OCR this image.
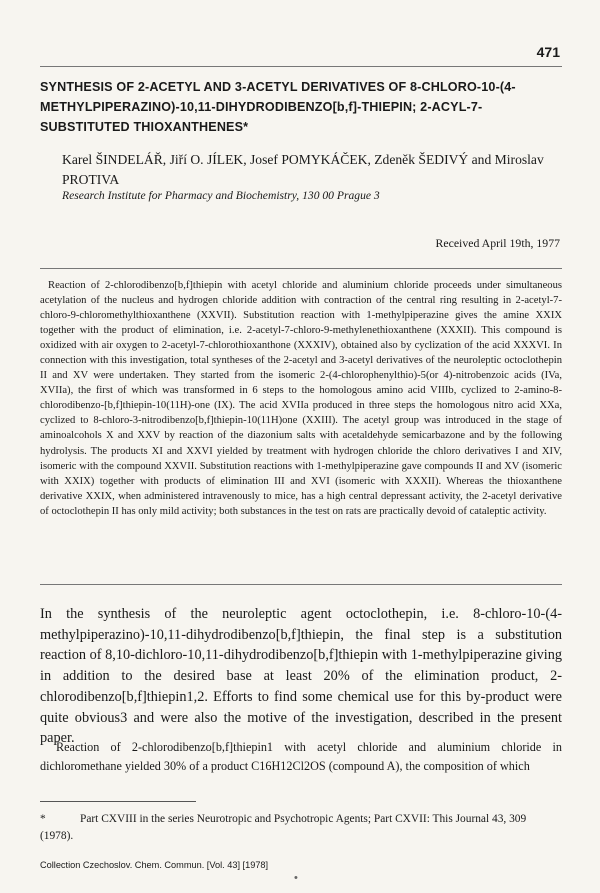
471
SYNTHESIS OF 2-ACETYL AND 3-ACETYL DERIVATIVES OF 8-CHLORO-10-(4-METHYLPIPERAZINO)-10,11-DIHYDRODIBENZO[b,f]-THIEPIN; 2-ACYL-7-SUBSTITUTED THIOXANTHENES*
Karel ŠINDELÁŘ, Jiří O. JÍLEK, Josef POMYKÁČEK, Zdeněk ŠEDIVÝ and Miroslav PROTIVA
Research Institute for Pharmacy and Biochemistry, 130 00 Prague 3
Received April 19th, 1977
Reaction of 2-chlorodibenzo[b,f]thiepin with acetyl chloride and aluminium chloride proceeds under simultaneous acetylation of the nucleus and hydrogen chloride addition with contraction of the central ring resulting in 2-acetyl-7-chloro-9-chloromethylthioxanthene (XXVII). Substitution reaction with 1-methylpiperazine gives the amine XXIX together with the product of elimination, i.e. 2-acetyl-7-chloro-9-methylenethioxanthene (XXXII). This compound is oxidized with air oxygen to 2-acetyl-7-chlorothioxanthone (XXXIV), obtained also by cyclization of the acid XXXVI. In connection with this investigation, total syntheses of the 2-acetyl and 3-acetyl derivatives of the neuroleptic octoclothepin II and XV were undertaken. They started from the isomeric 2-(4-chlorophenylthio)-5(or 4)-nitrobenzoic acids (IVa, XVIIa), the first of which was transformed in 6 steps to the homologous amino acid VIIIb, cyclized to 2-amino-8-chlorodibenzo-[b,f]thiepin-10(11H)-one (IX). The acid XVIIa produced in three steps the homologous nitro acid XXa, cyclized to 8-chloro-3-nitrodibenzo[b,f]thiepin-10(11H)one (XXIII). The acetyl group was introduced in the stage of aminoalcohols X and XXV by reaction of the diazonium salts with acetaldehyde semicarbazone and by the following hydrolysis. The products XI and XXVI yielded by treatment with hydrogen chloride the chloro derivatives I and XIV, isomeric with the compound XXVII. Substitution reactions with 1-methylpiperazine gave compounds II and XV (isomeric with XXIX) together with products of elimination III and XVI (isomeric with XXXII). Whereas the thioxanthene derivative XXIX, when administered intravenously to mice, has a high central depressant activity, the 2-acetyl derivative of octoclothepin II has only mild activity; both substances in the test on rats are practically devoid of cataleptic activity.
In the synthesis of the neuroleptic agent octoclothepin, i.e. 8-chloro-10-(4-methylpiperazino)-10,11-dihydrodibenzo[b,f]thiepin, the final step is a substitution reaction of 8,10-dichloro-10,11-dihydrodibenzo[b,f]thiepin with 1-methylpiperazine giving in addition to the desired base at least 20% of the elimination product, 2-chlorodibenzo[b,f]thiepin1,2. Efforts to find some chemical use for this by-product were quite obvious3 and were also the motive of the investigation, described in the present paper.
Reaction of 2-chlorodibenzo[b,f]thiepin1 with acetyl chloride and aluminium chloride in dichloromethane yielded 30% of a product C16H12Cl2OS (compound A), the composition of which
*	Part CXVIII in the series Neurotropic and Psychotropic Agents; Part CXVII: This Journal 43, 309 (1978).
Collection Czechoslov. Chem. Commun. [Vol. 43] [1978]
•
